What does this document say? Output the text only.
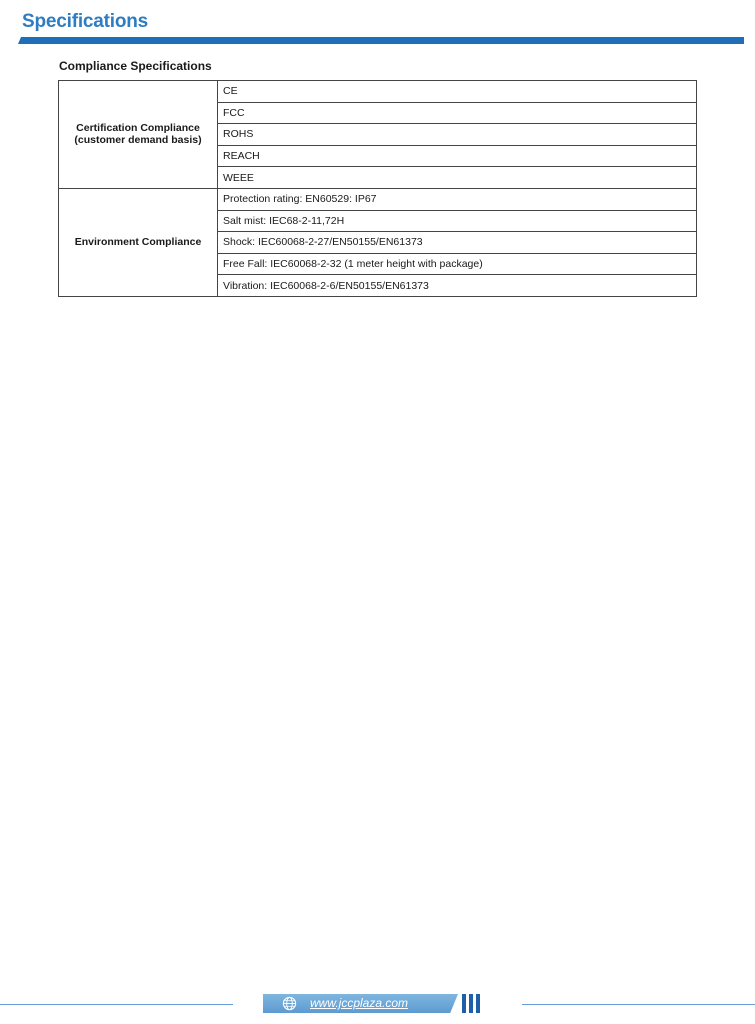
Specifications
Compliance Specifications
Certification Compliance (customer demand basis)	CE
	FCC
	ROHS
	REACH
	WEEE
Environment Compliance	Protection rating: EN60529: IP67
	Salt mist: IEC68-2-11,72H
	Shock: IEC60068-2-27/EN50155/EN61373
	Free Fall: IEC60068-2-32 (1 meter height with package)
	Vibration: IEC60068-2-6/EN50155/EN61373
www.jccplaza.com
